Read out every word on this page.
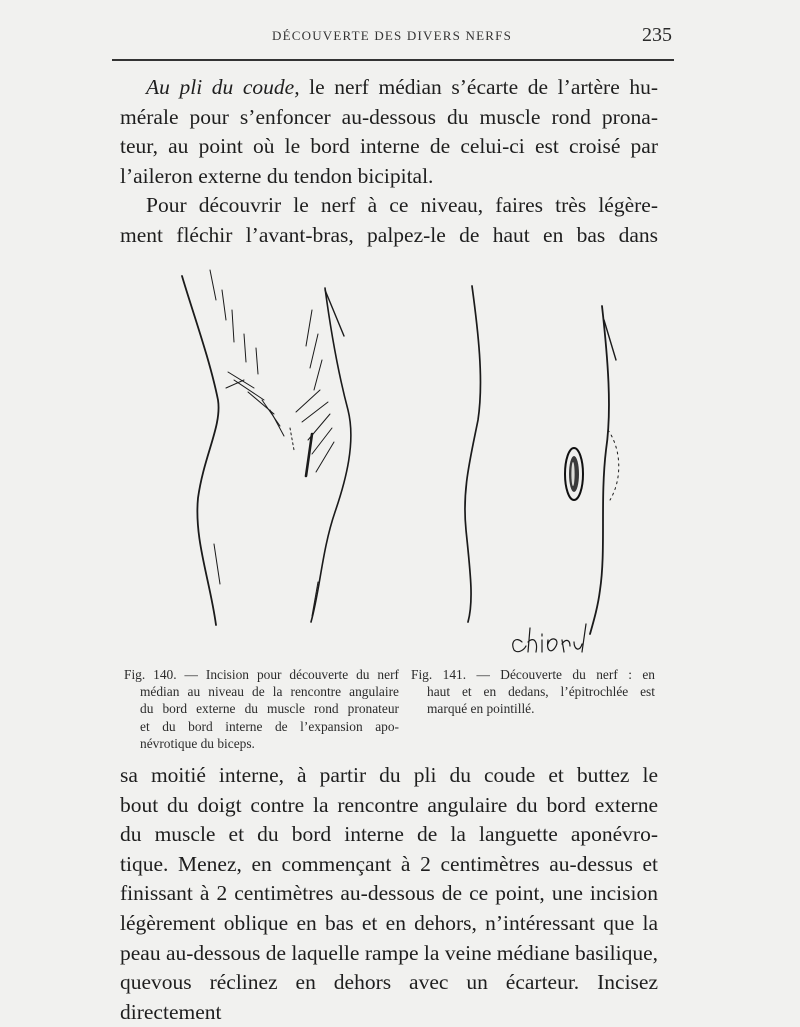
DÉCOUVERTE DES DIVERS NERFS	235

Au pli du coude, le nerf médian s’écarte de l’artère hu-

mérale pour s’enfoncer au-dessous du muscle rond prona-

teur, au point où le bord interne de celui-ci est croisé par

l’aileron externe du tendon bicipital.

Pour découvrir le nerf à ce niveau, faires très légère-

ment fléchir l’avant-bras, palpez-le de haut en bas dans

Fig. 140. — Incision pour découverte du nerf
médian au niveau de la rencontre angulaire
du bord externe du muscle rond pronateur
et du bord interne de l’expansion apo-
névrotique du biceps.
Fig. 141. — Découverte du nerf : en
haut et en dedans, l’épitrochlée est
marqué en pointillé.

sa moitié interne, à partir du pli du coude et buttez le

bout du doigt contre la rencontre angulaire du bord externe

du muscle et du bord interne de la languette aponévro-

tique. Menez, en commençant à 2 centimètres au-dessus et

finissant à 2 centimètres au-dessous de ce point, une incision

légèrement oblique en bas et en dehors, n’intéressant que la

peau au-dessous de laquelle rampe la veine médiane basilique,

quevous réclinez en dehors avec un écarteur. Incisez directement
